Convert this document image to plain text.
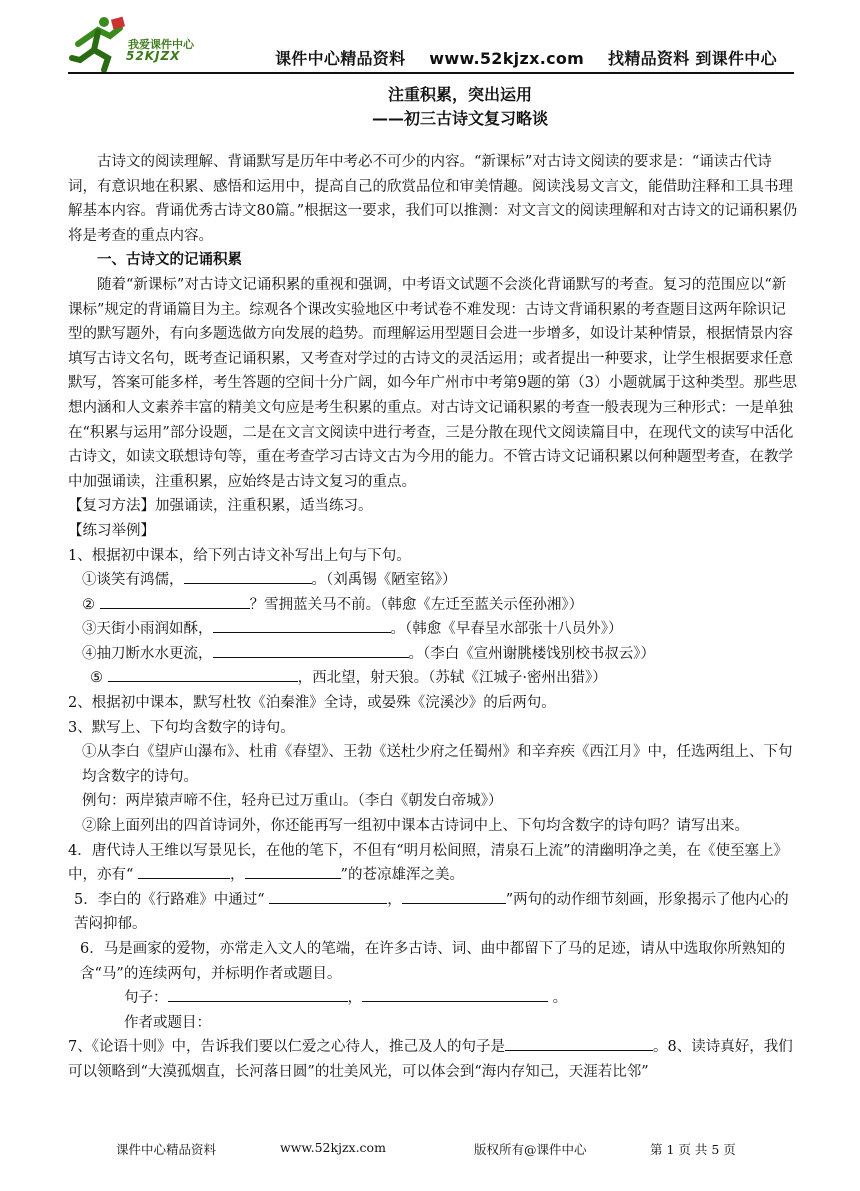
我爱课件中心
52KJZX	课件中心精品资料 www.52kjzx.com 找精品资料 到课件中心
注重积累，突出运用
——初三古诗文复习略谈

古诗文的阅读理解、背诵默写是历年中考必不可少的内容。“新课标”对古诗文阅读的要求是：“诵读古代诗词，有意识地在积累、感悟和运用中，提高自己的欣赏品位和审美情趣。阅读浅易文言文，能借助注释和工具书理解基本内容。背诵优秀古诗文80篇。”根据这一要求，我们可以推测：对文言文的阅读理解和对古诗文的记诵积累仍将是考查的重点内容。

一、古诗文的记诵积累

随着“新课标”对古诗文记诵积累的重视和强调，中考语文试题不会淡化背诵默写的考查。复习的范围应以“新课标”规定的背诵篇目为主。综观各个课改实验地区中考试卷不难发现：古诗文背诵积累的考查题目这两年除识记型的默写题外，有向多题选做方向发展的趋势。而理解运用型题目会进一步增多，如设计某种情景，根据情景内容填写古诗文名句，既考查记诵积累，又考查对学过的古诗文的灵活运用；或者提出一种要求，让学生根据要求任意默写，答案可能多样，考生答题的空间十分广阔，如今年广州市中考第9题的第（3）小题就属于这种类型。那些思想内涵和人文素养丰富的精美文句应是考生积累的重点。对古诗文记诵积累的考查一般表现为三种形式：一是单独在“积累与运用”部分设题，二是在文言文阅读中进行考查，三是分散在现代文阅读篇目中，在现代文的读写中活化古诗文，如读文联想诗句等，重在考查学习古诗文古为今用的能力。不管古诗文记诵积累以何种题型考查，在教学中加强诵读，注重积累，应始终是古诗文复习的重点。

【复习方法】加强诵读，注重积累，适当练习。

【练习举例】

1、根据初中课本，给下列古诗文补写出上句与下句。

①谈笑有鸿儒，	。（刘禹锡《陋室铭》）

②	？雪拥蓝关马不前。（韩愈《左迁至蓝关示侄孙湘》）

③天街小雨润如酥，	。（韩愈《早春呈水部张十八员外》）

④抽刀断水水更流，	。（李白《宣州谢朓楼饯别校书叔云》）

⑤	，西北望，射天狼。（苏轼《江城子·密州出猎》）

2、根据初中课本，默写杜牧《泊秦淮》全诗，或晏殊《浣溪沙》的后两句。

3、默写上、下句均含数字的诗句。

①从李白《望庐山瀑布》、杜甫《春望》、王勃《送杜少府之任蜀州》和辛弃疾《西江月》中，任选两组上、下句均含数字的诗句。

例句：两岸猿声啼不住，轻舟已过万重山。（李白《朝发白帝城》）

②除上面列出的四首诗词外，你还能再写一组初中课本古诗词中上、下句均含数字的诗句吗？请写出来。

4．唐代诗人王维以写景见长，在他的笔下，不但有“明月松间照，清泉石上流”的清幽明净之美，在《使至塞上》中，亦有“	，	”的苍凉雄浑之美。

5．李白的《行路难》中通过“	，	”两句的动作细节刻画，形象揭示了他内心的苦闷抑郁。

6．马是画家的爱物，亦常走入文人的笔端，在许多古诗、词、曲中都留下了马的足迹，请从中选取你所熟知的含“马”的连续两句，并标明作者或题目。

句子：	，	。

作者或题目：

7、《论语十则》中，告诉我们要以仁爱之心待人，推己及人的句子是	。8、读诗真好，我们可以领略到“大漠孤烟直，长河落日圆”的壮美风光，可以体会到“海内存知己，天涯若比邻”

课件中心精品资料	www.52kjzx.com	版权所有@课件中心	第 1 页 共 5 页
